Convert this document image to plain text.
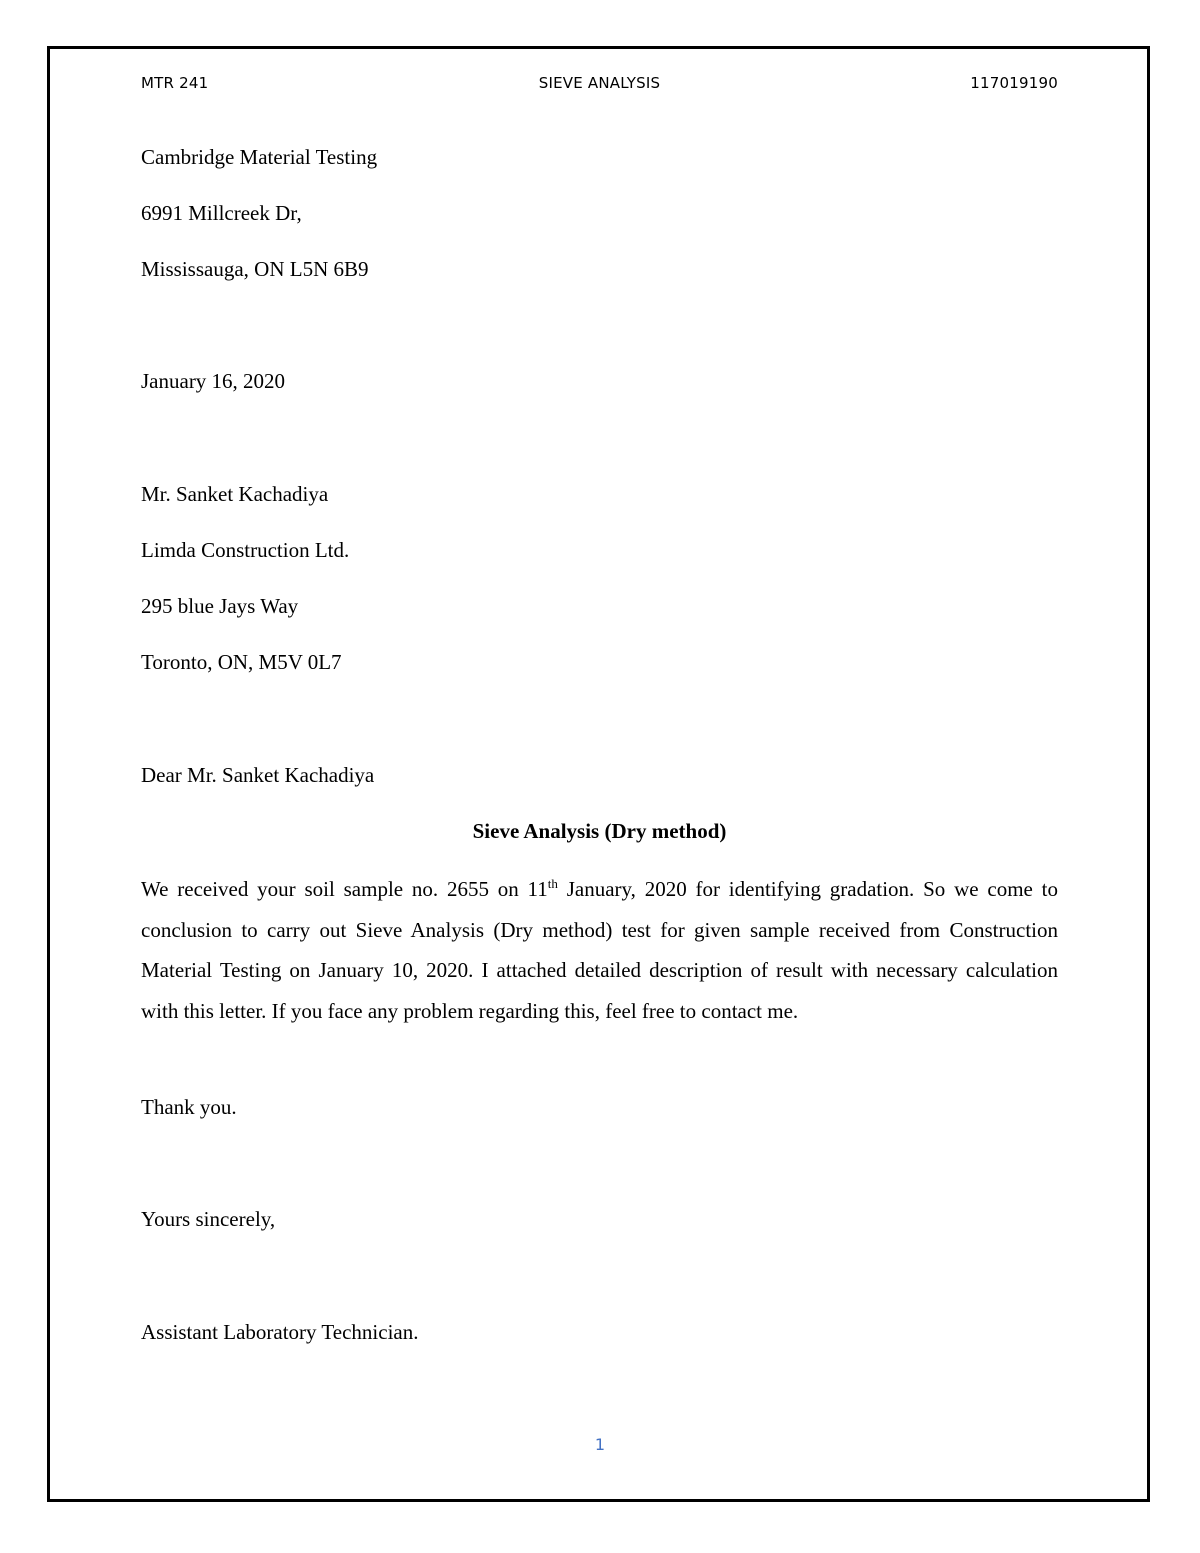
MTR 241	SIEVE ANALYSIS	117019190
Cambridge Material Testing
6991 Millcreek Dr,
Mississauga, ON L5N 6B9
January 16, 2020
Mr. Sanket Kachadiya
Limda Construction Ltd.
295 blue Jays Way
Toronto, ON, M5V 0L7
Dear Mr. Sanket Kachadiya
Sieve Analysis (Dry method)
We received your soil sample no. 2655 on 11th January, 2020 for identifying gradation. So we come to conclusion to carry out Sieve Analysis (Dry method) test for given sample received from Construction Material Testing on January 10, 2020. I attached detailed description of result with necessary calculation with this letter. If you face any problem regarding this, feel free to contact me.
Thank you.
Yours sincerely,
Assistant Laboratory Technician.
1
